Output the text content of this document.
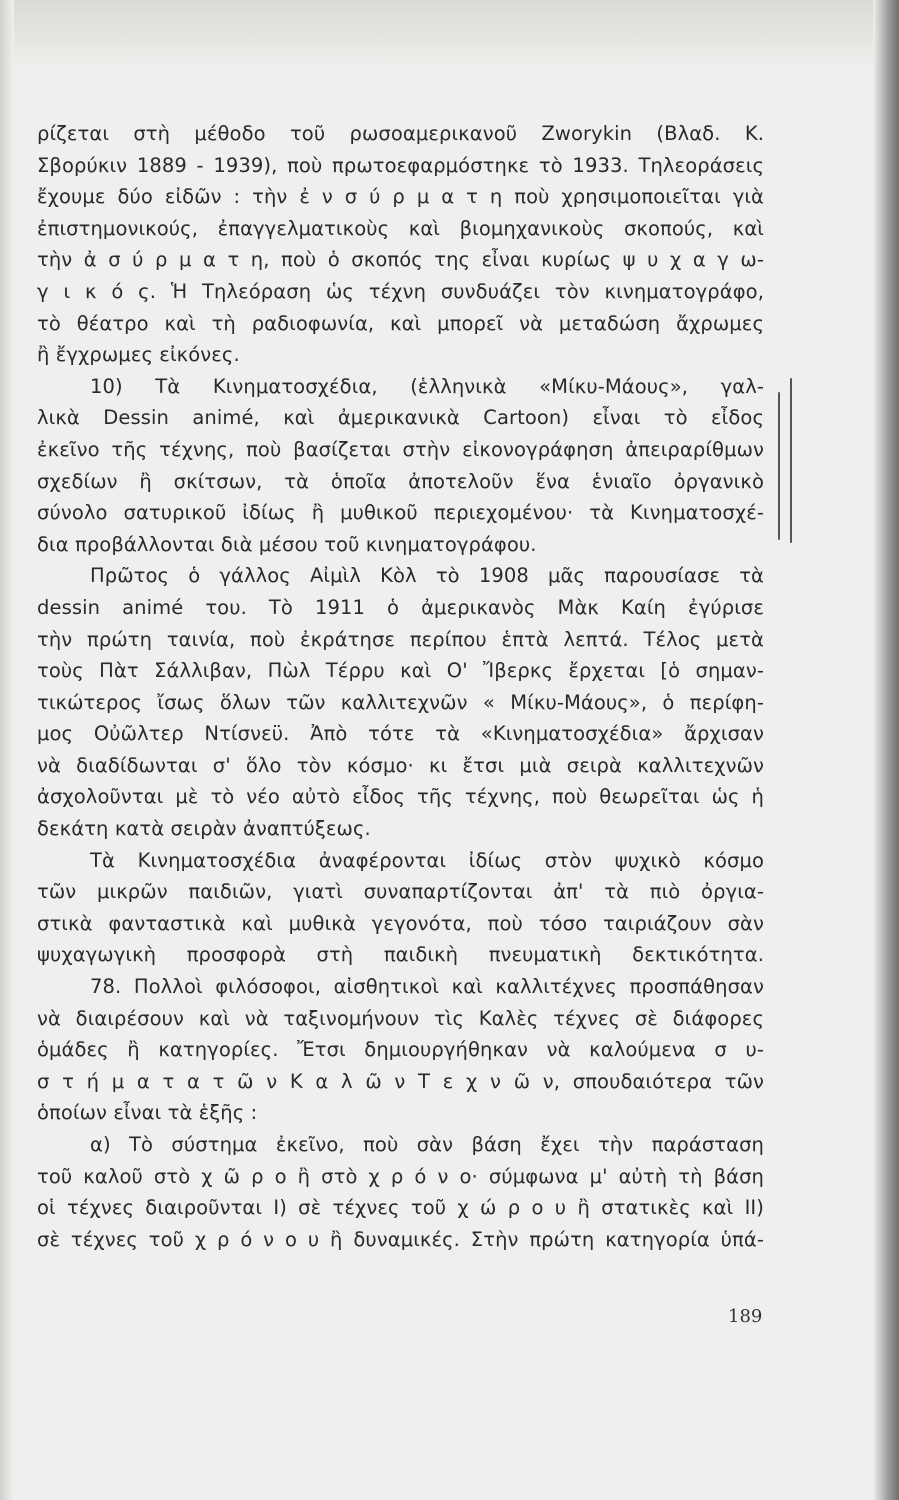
ρίζεται στὴ μέθοδο τοῦ ρωσοαμερικανοῦ Zworykin (Βλαδ. Κ.
Σβορύκιν 1889 - 1939), ποὺ πρωτοεφαρμόστηκε τὸ 1933. Τηλεοράσεις
ἔχουμε δύο εἰδῶν : τὴν ἐ ν σ ύ ρ μ α τ η ποὺ χρησιμοποιεῖται γιὰ
ἐπιστημονικούς, ἐπαγγελματικοὺς καὶ βιομηχανικοὺς σκοπούς, καὶ
τὴν ἀ σ ύ ρ μ α τ η, ποὺ ὁ σκοπός της εἶναι κυρίως ψ υ χ α γ ω-
γ ι κ ό ς. Ἡ Τηλεόραση ὡς τέχνη συνδυάζει τὸν κινηματογράφο,
τὸ θέατρο καὶ τὴ ραδιοφωνία, καὶ μπορεῖ νὰ μεταδώση ἄχρωμες
ἢ ἔγχρωμες εἰκόνες.
10) Τὰ Κινηματοσχέδια, (ἑλληνικὰ «Μίκυ-Μάους», γαλ-
λικὰ Dessin animé, καὶ ἀμερικανικὰ Cartoon) εἶναι τὸ εἶδος
ἐκεῖνο τῆς τέχνης, ποὺ βασίζεται στὴν εἰκονογράφηση ἀπειραρίθμων
σχεδίων ἢ σκίτσων, τὰ ὁποῖα ἀποτελοῦν ἕνα ἑνιαῖο ὀργανικὸ
σύνολο σατυρικοῦ ἰδίως ἢ μυθικοῦ περιεχομένου· τὰ Κινηματοσχέ-
δια προβάλλονται διὰ μέσου τοῦ κινηματογράφου.
Πρῶτος ὁ γάλλος Αἰμὶλ Κὸλ τὸ 1908 μᾶς παρουσίασε τὰ
dessin animé του. Τὸ 1911 ὁ ἀμερικανὸς Μὰκ Καίη ἐγύρισε
τὴν πρώτη ταινία, ποὺ ἐκράτησε περίπου ἑπτὰ λεπτά. Τέλος μετὰ
τοὺς Πὰτ Σάλλιβαν, Πὼλ Τέρρυ καὶ Ο' Ἴβερκς ἔρχεται [ὁ σημαν-
τικώτερος ἴσως ὅλων τῶν καλλιτεχνῶν « Μίκυ-Μάους», ὁ περίφη-
μος Οὐῶλτερ Ντίσνεϋ. Ἀπὸ τότε τὰ «Κινηματοσχέδια» ἄρχισαν
νὰ διαδίδωνται σ' ὅλο τὸν κόσμο· κι ἔτσι μιὰ σειρὰ καλλιτεχνῶν
ἀσχολοῦνται μὲ τὸ νέο αὐτὸ εἶδος τῆς τέχνης, ποὺ θεωρεῖται ὡς ἡ
δεκάτη κατὰ σειρὰν ἀναπτύξεως.
Τὰ Κινηματοσχέδια ἀναφέρονται ἰδίως στὸν ψυχικὸ κόσμο
τῶν μικρῶν παιδιῶν, γιατὶ συναπαρτίζονται ἀπ' τὰ πιὸ ὀργια-
στικὰ φανταστικὰ καὶ μυθικὰ γεγονότα, ποὺ τόσο ταιριάζουν σὰν
ψυχαγωγικὴ προσφορὰ στὴ παιδικὴ πνευματικὴ δεκτικότητα.
78. Πολλοὶ φιλόσοφοι, αἰσθητικοὶ καὶ καλλιτέχνες προσπάθησαν
νὰ διαιρέσουν καὶ νὰ ταξινομήνουν τὶς Καλὲς τέχνες σὲ διάφορες
ὁμάδες ἢ κατηγορίες. Ἔτσι δημιουργήθηκαν νὰ καλούμενα σ υ-
σ τ ή μ α τ α τ ῶ ν Κ α λ ῶ ν Τ ε χ ν ῶ ν, σπουδαιότερα τῶν
ὁποίων εἶναι τὰ ἑξῆς :
α) Τὸ σύστημα ἐκεῖνο, ποὺ σὰν βάση ἔχει τὴν παράσταση
τοῦ καλοῦ στὸ χ ῶ ρ ο ἢ στὸ χ ρ ό ν ο· σύμφωνα μ' αὐτὴ τὴ βάση
οἱ τέχνες διαιροῦνται I) σὲ τέχνες τοῦ χ ώ ρ ο υ ἢ στατικὲς καὶ II)
σὲ τέχνες τοῦ χ ρ ό ν ο υ ἢ δυναμικές. Στὴν πρώτη κατηγορία ὑπά-
189
